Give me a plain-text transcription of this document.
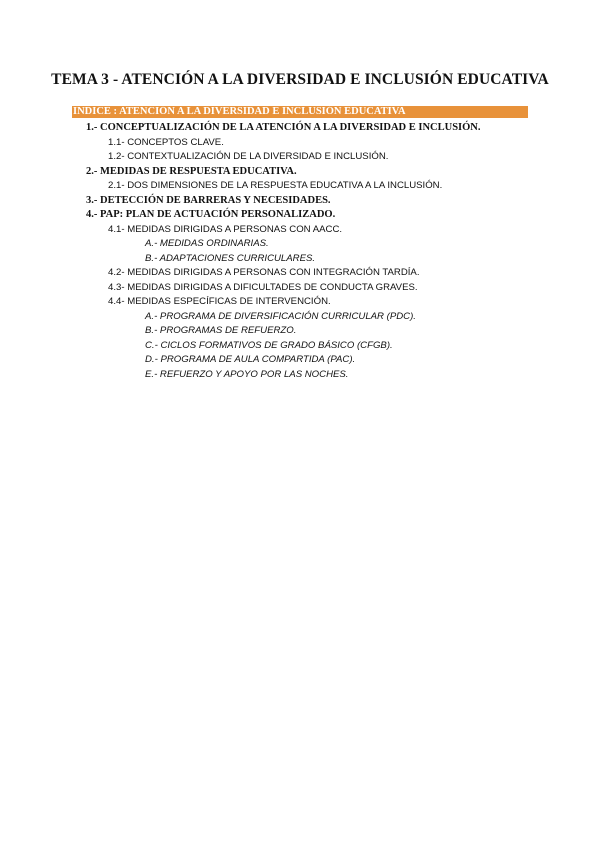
TEMA 3 - ATENCIÓN A LA DIVERSIDAD E INCLUSIÓN EDUCATIVA
INDICE : ATENCIÓN A LA DIVERSIDAD E INCLUSIÓN EDUCATIVA
1.- CONCEPTUALIZACIÓN DE LA ATENCIÓN A LA DIVERSIDAD E INCLUSIÓN.
1.1- CONCEPTOS CLAVE.
1.2- CONTEXTUALIZACIÓN DE LA DIVERSIDAD E INCLUSIÓN.
2.- MEDIDAS DE RESPUESTA EDUCATIVA.
2.1- DOS DIMENSIONES DE LA RESPUESTA EDUCATIVA A LA INCLUSIÓN.
3.- DETECCIÓN DE BARRERAS Y NECESIDADES.
4.- PAP: PLAN DE ACTUACIÓN PERSONALIZADO.
4.1- MEDIDAS DIRIGIDAS A PERSONAS CON AACC.
A.- MEDIDAS ORDINARIAS.
B.- ADAPTACIONES CURRICULARES.
4.2- MEDIDAS DIRIGIDAS A PERSONAS CON INTEGRACIÓN TARDÍA.
4.3- MEDIDAS DIRIGIDAS A DIFICULTADES DE CONDUCTA GRAVES.
4.4- MEDIDAS ESPECÍFICAS DE INTERVENCIÓN.
A.- PROGRAMA DE DIVERSIFICACIÓN CURRICULAR (PDC).
B.- PROGRAMAS DE REFUERZO.
C.- CICLOS FORMATIVOS DE GRADO BÁSICO (CFGB).
D.- PROGRAMA DE AULA COMPARTIDA (PAC).
E.- REFUERZO Y APOYO POR LAS NOCHES.
